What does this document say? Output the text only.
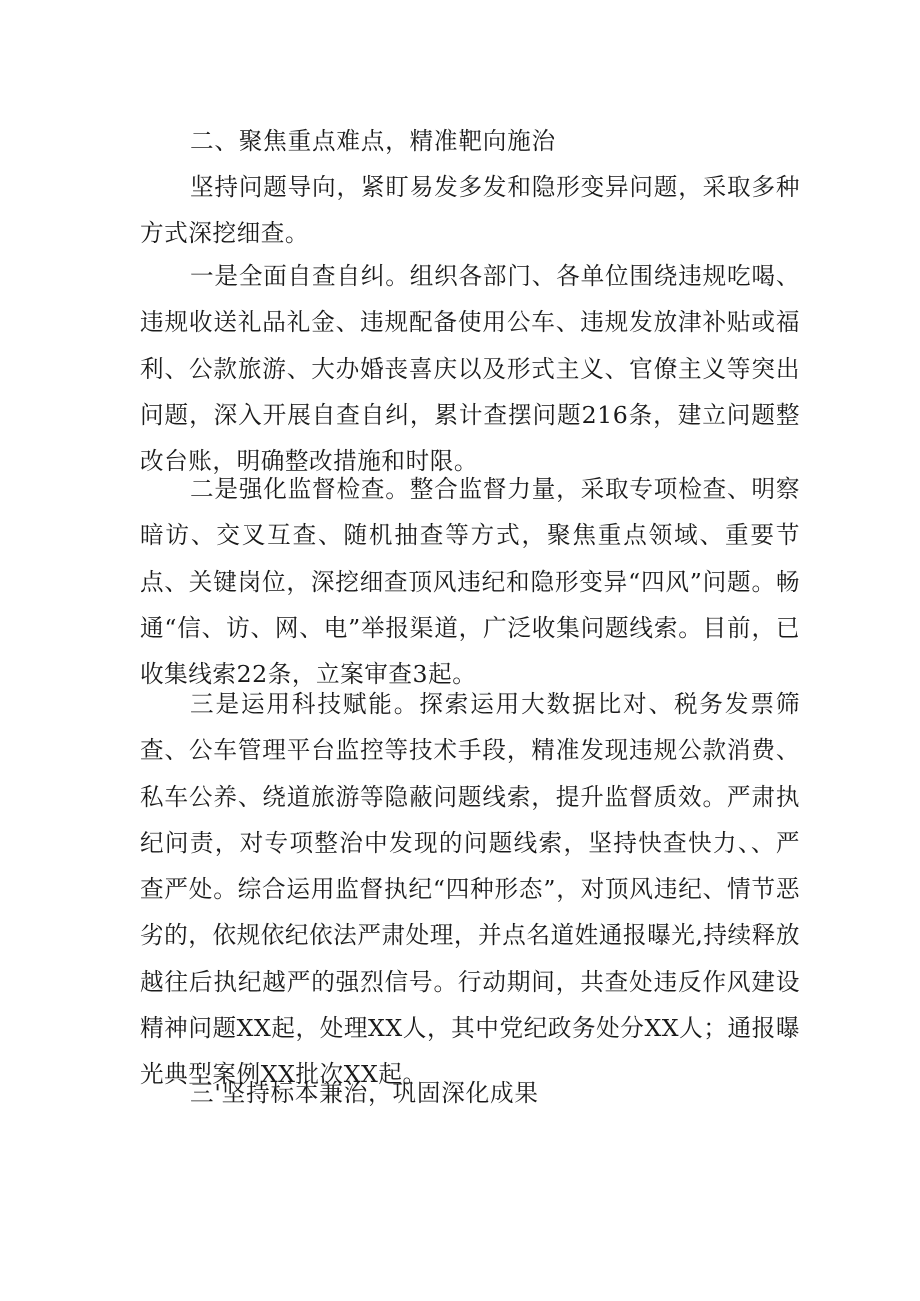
二、聚焦重点难点，精准靶向施治

坚持问题导向，紧盯易发多发和隐形变异问题，采取多种方式深挖细查。

一是全面自查自纠。组织各部门、各单位围绕违规吃喝、违规收送礼品礼金、违规配备使用公车、违规发放津补贴或福利、公款旅游、大办婚丧喜庆以及形式主义、官僚主义等突出问题，深入开展自查自纠，累计查摆问题216条，建立问题整改台账，明确整改措施和时限。

二是强化监督检查。整合监督力量，采取专项检查、明察暗访、交叉互查、随机抽查等方式，聚焦重点领域、重要节点、关键岗位，深挖细查顶风违纪和隐形变异“四风”问题。畅通“信、访、网、电”举报渠道，广泛收集问题线索。目前，已收集线索22条，立案审查3起。

三是运用科技赋能。探索运用大数据比对、税务发票筛查、公车管理平台监控等技术手段，精准发现违规公款消费、私车公养、绕道旅游等隐蔽问题线索，提升监督质效。严肃执纪问责，对专项整治中发现的问题线索，坚持快查快力、、严查严处。综合运用监督执纪“四种形态”，对顶风违纪、情节恶劣的，依规依纪依法严肃处理，并点名道姓通报曝光,持续释放越往后执纪越严的强烈信号。行动期间，共查处违反作风建设精神问题XX起，处理XX人，其中党纪政务处分XX人；通报曝光典型案例XX批次XX起。

三'坚持标本兼治，巩固深化成果
